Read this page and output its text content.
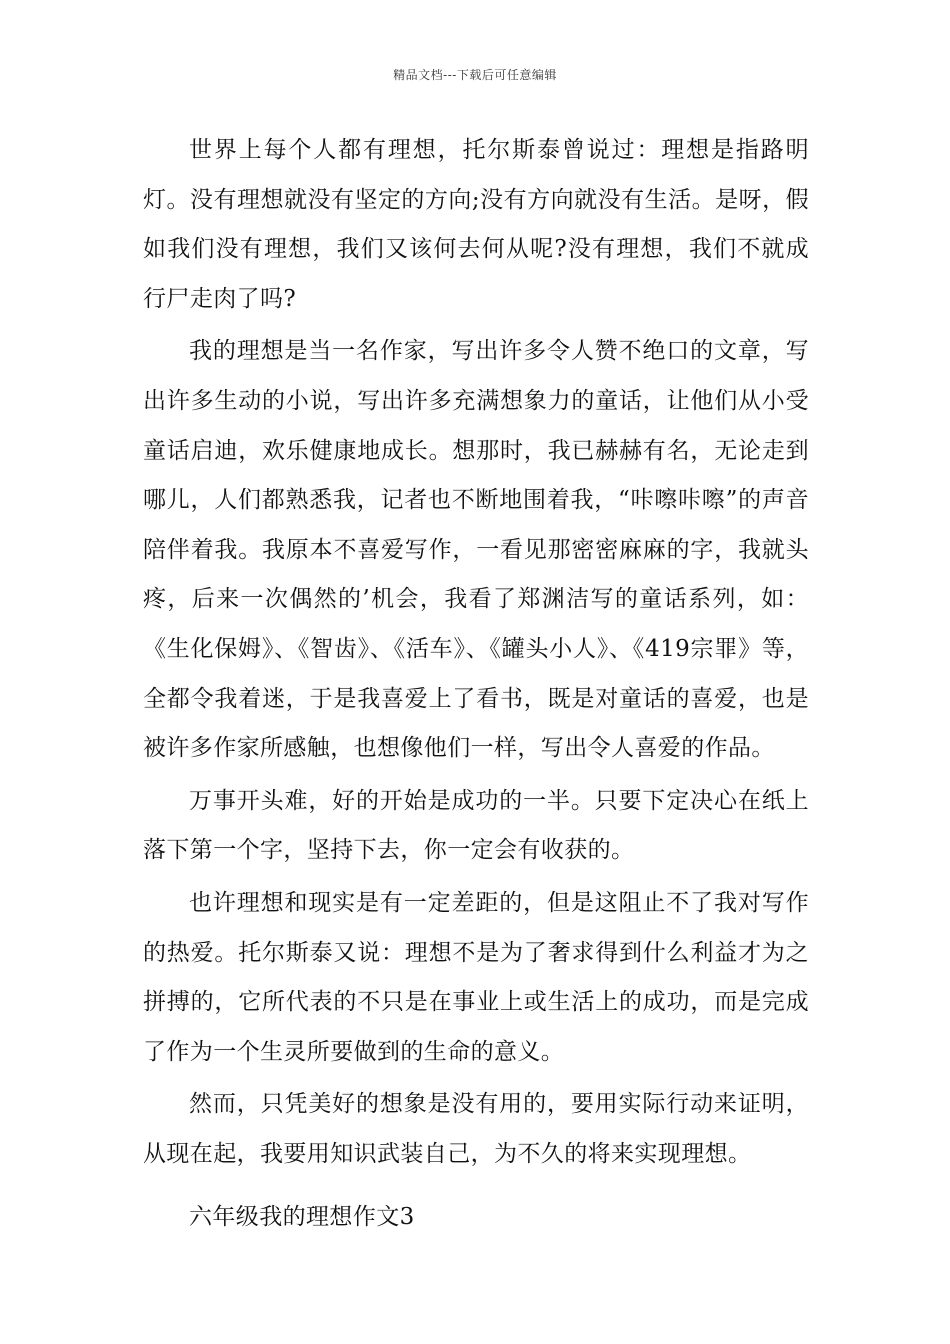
精品文档---下载后可任意编辑

世界上每个人都有理想，托尔斯泰曾说过：理想是指路明灯。没有理想就没有坚定的方向;没有方向就没有生活。是呀，假如我们没有理想，我们又该何去何从呢?没有理想，我们不就成行尸走肉了吗?

我的理想是当一名作家，写出许多令人赞不绝口的文章，写出许多生动的小说，写出许多充满想象力的童话，让他们从小受童话启迪，欢乐健康地成长。想那时，我已赫赫有名，无论走到哪儿，人们都熟悉我，记者也不断地围着我，“咔嚓咔嚓”的声音陪伴着我。我原本不喜爱写作，一看见那密密麻麻的字，我就头疼，后来一次偶然的’机会，我看了郑渊洁写的童话系列，如：《生化保姆》、《智齿》、《活车》、《罐头小人》、《419宗罪》等，全都令我着迷，于是我喜爱上了看书，既是对童话的喜爱，也是被许多作家所感触，也想像他们一样，写出令人喜爱的作品。

万事开头难，好的开始是成功的一半。只要下定决心在纸上落下第一个字，坚持下去，你一定会有收获的。

也许理想和现实是有一定差距的，但是这阻止不了我对写作的热爱。托尔斯泰又说：理想不是为了奢求得到什么利益才为之拼搏的，它所代表的不只是在事业上或生活上的成功，而是完成了作为一个生灵所要做到的生命的意义。

然而，只凭美好的想象是没有用的，要用实际行动来证明，从现在起，我要用知识武装自己，为不久的将来实现理想。

六年级我的理想作文3
